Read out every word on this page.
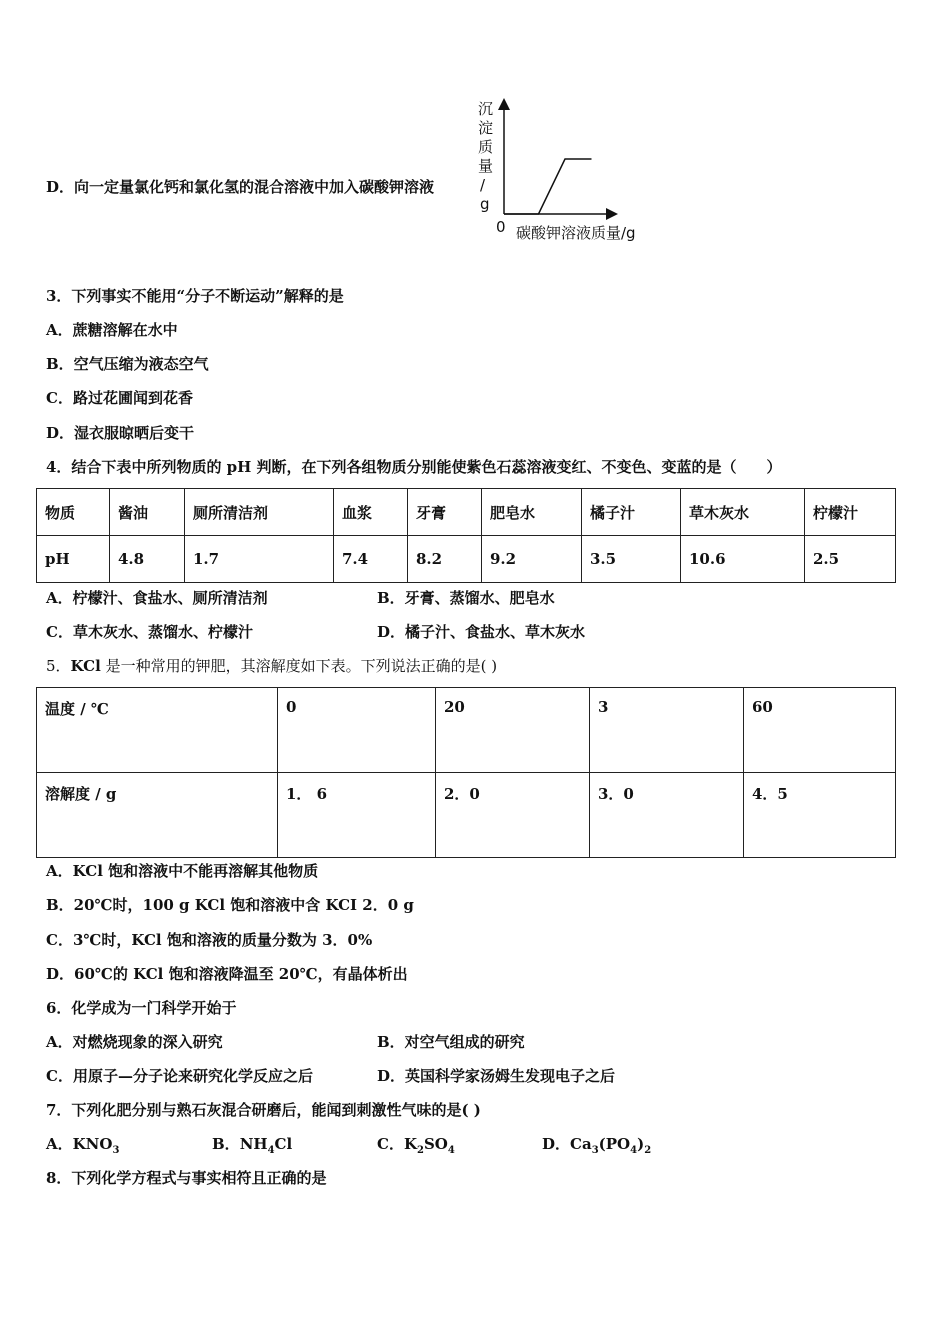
D．向一定量氯化钙和氯化氢的混合溶液中加入碳酸钾溶液
沉淀质量/ g
0 碳酸钾溶液质量/g
3．下列事实不能用“分子不断运动”解释的是
A．蔗糖溶解在水中
B．空气压缩为液态空气
C．路过花圃闻到花香
D．湿衣服晾晒后变干
4．结合下表中所列物质的 pH 判断，在下列各组物质分别能使紫色石蕊溶液变红、不变色、变蓝的是（　　）
物质	酱油	厕所清洁剂	血浆	牙膏	肥皂水	橘子汁	草木灰水	柠檬汁
pH	4.8	1.7	7.4	8.2	9.2	3.5	10.6	2.5
A．柠檬汁、食盐水、厕所清洁剂	B．牙膏、蒸馏水、肥皂水
C．草木灰水、蒸馏水、柠檬汁	D．橘子汁、食盐水、草木灰水
5．KCl 是一种常用的钾肥，其溶解度如下表。下列说法正确的是( )
温度 / ℃	0	20	3	60
溶解度 / g	1． 6	2．0	3．0	4．5
A．KCl 饱和溶液中不能再溶解其他物质
B．20℃时，100 g KCl 饱和溶液中含 KCI 2．0 g
C．3℃时，KCl 饱和溶液的质量分数为 3．0%
D．60℃的 KCl 饱和溶液降温至 20℃，有晶体析出
6．化学成为一门科学开始于
A．对燃烧现象的深入研究	B．对空气组成的研究
C．用原子—分子论来研究化学反应之后	D．英国科学家汤姆生发现电子之后
7．下列化肥分别与熟石灰混合研磨后，能闻到刺激性气味的是( )
A．$KNO_3$	B．$NH_4Cl$	C．$K_2SO_4$	D．$Ca_3(PO_4)_2$
8．下列化学方程式与事实相符且正确的是
